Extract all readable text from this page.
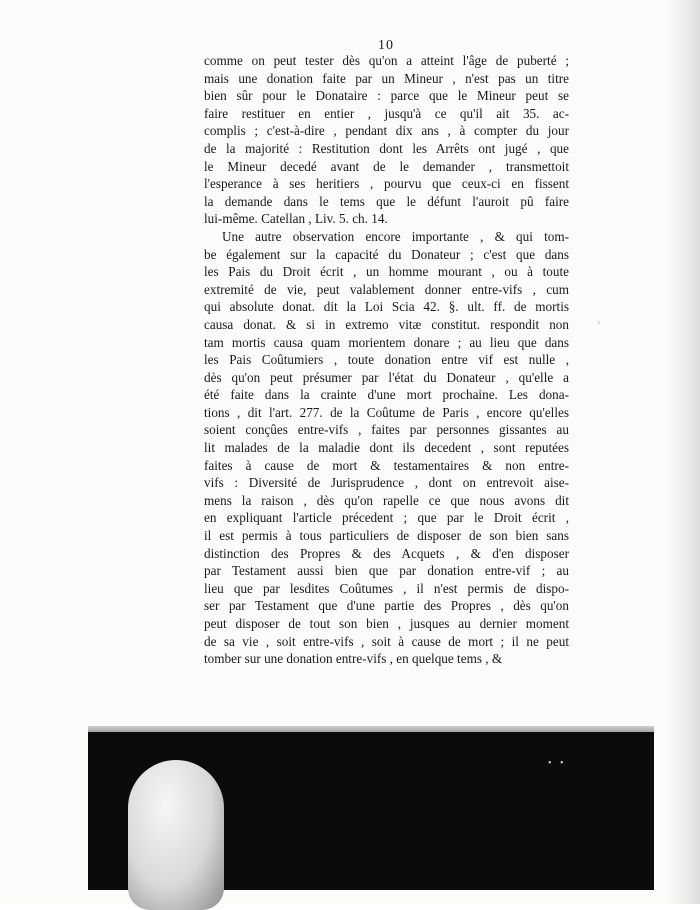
10
comme on peut tester dès qu'on a atteint l'âge de puberté ;
mais une donation faite par un Mineur , n'est pas un titre
bien sûr pour le Donataire : parce que le Mineur peut se
faire restituer en entier , jusqu'à ce qu'il ait 35. ac-
complis ; c'est-à-dire , pendant dix ans , à compter du jour
de la majorité : Restitution dont les Arrêts ont jugé , que
le Mineur decedé avant de le demander , transmettoit
l'esperance à ses heritiers , pourvu que ceux-ci en fissent
la demande dans le tems que le défunt l'auroit pû faire
lui-même. Catellan , Liv. 5. ch. 14.
Une autre observation encore importante , & qui tom-
be également sur la capacité du Donateur ; c'est que dans
les Pais du Droit écrit , un homme mourant , ou à toute
extremité de vie, peut valablement donner entre-vifs , cum
qui absolute donat. dit la Loi Scia 42. §. ult. ff. de mortis
causa donat. & si in extremo vitæ constitut. respondit non
tam mortis causa quam morientem donare ; au lieu que dans
les Pais Coûtumiers , toute donation entre vif est nulle ,
dès qu'on peut présumer par l'état du Donateur , qu'elle a
été faite dans la crainte d'une mort prochaine. Les dona-
tions , dit l'art. 277. de la Coûtume de Paris , encore qu'elles
soient conçûes entre-vifs , faites par personnes gissantes au
lit malades de la maladie dont ils decedent , sont reputées
faites à cause de mort & testamentaires & non entre-
vifs : Diversité de Jurisprudence , dont on entrevoit aise-
mens la raison , dès qu'on rapelle ce que nous avons dit
en expliquant l'article précedent ; que par le Droit écrit ,
il est permis à tous particuliers de disposer de son bien sans
distinction des Propres & des Acquets , & d'en disposer
par Testament aussi bien que par donation entre-vif ; au
lieu que par lesdites Coûtumes , il n'est permis de dispo-
ser par Testament que d'une partie des Propres , dès qu'on
peut disposer de tout son bien , jusques au dernier moment
de sa vie , soit entre-vifs , soit à cause de mort ; il ne peut
tomber sur une donation entre-vifs , en quelque tems , &
›
• •
